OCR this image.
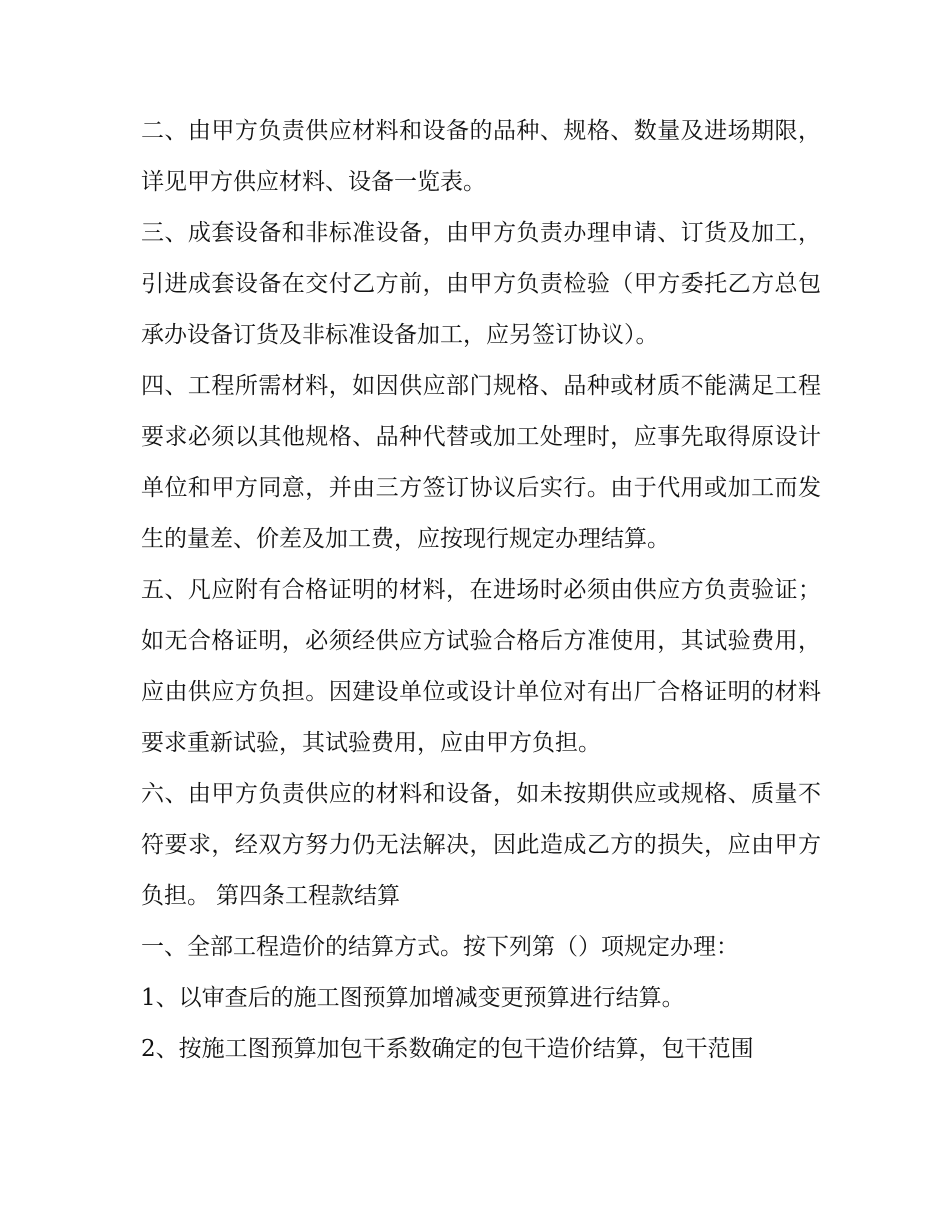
二、由甲方负责供应材料和设备的品种、规格、数量及进场期限，详见甲方供应材料、设备一览表。

三、成套设备和非标准设备，由甲方负责办理申请、订货及加工，引进成套设备在交付乙方前，由甲方负责检验（甲方委托乙方总包承办设备订货及非标准设备加工，应另签订协议）。

四、工程所需材料，如因供应部门规格、品种或材质不能满足工程要求必须以其他规格、品种代替或加工处理时，应事先取得原设计单位和甲方同意，并由三方签订协议后实行。由于代用或加工而发生的量差、价差及加工费，应按现行规定办理结算。

五、凡应附有合格证明的材料，在进场时必须由供应方负责验证；如无合格证明，必须经供应方试验合格后方准使用，其试验费用，应由供应方负担。因建设单位或设计单位对有出厂合格证明的材料要求重新试验，其试验费用，应由甲方负担。

六、由甲方负责供应的材料和设备，如未按期供应或规格、质量不符要求，经双方努力仍无法解决，因此造成乙方的损失，应由甲方负担。 第四条工程款结算

一、全部工程造价的结算方式。按下列第（）项规定办理：

1、以审查后的施工图预算加增减变更预算进行结算。

2、按施工图预算加包干系数确定的包干造价结算，包干范围
